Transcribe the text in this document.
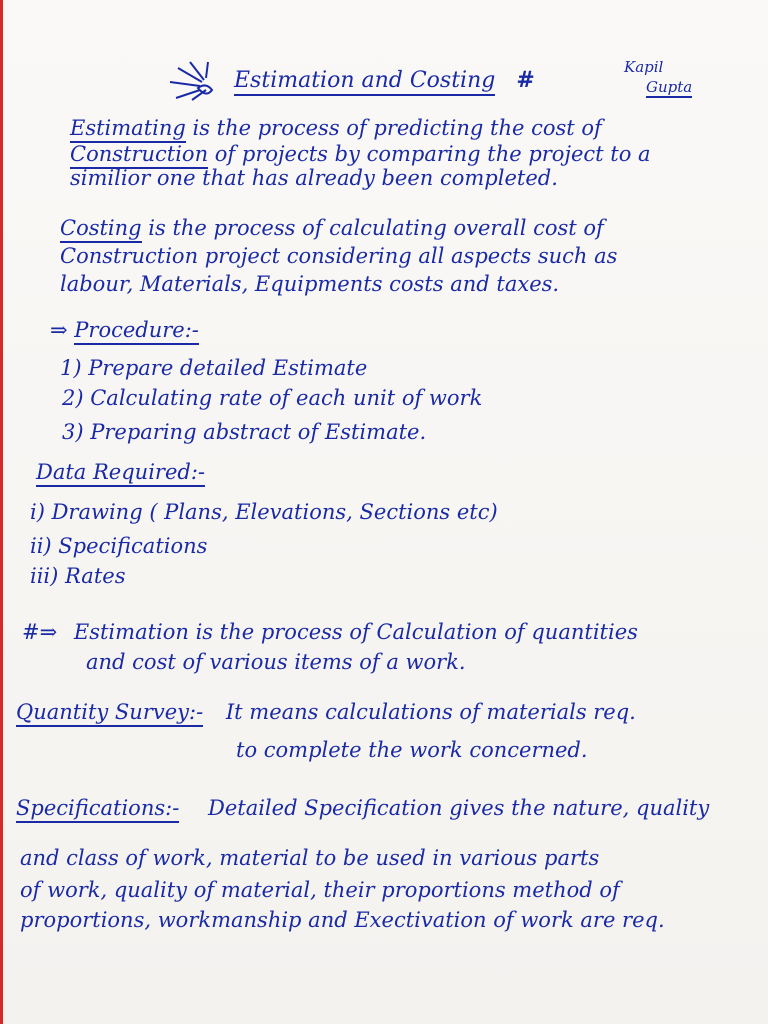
Estimation and Costing #	Kapil
Gupta
Estimating is the process of predicting the cost of
Construction of projects by comparing the project to a
similior one that has already been completed.
Costing is the process of calculating overall cost of
Construction project considering all aspects such as
labour, Materials, Equipments costs and taxes.
⇒ Procedure:-
1) Prepare detailed Estimate
2) Calculating rate of each unit of work
3) Preparing abstract of Estimate.
Data Required:-
i) Drawing ( Plans, Elevations, Sections etc)
ii) Specifications
iii) Rates
#⇒ Estimation is the process of Calculation of quantities
and cost of various items of a work.
Quantity Survey:- It means calculations of materials req.
to complete the work concerned.
Specifications:- Detailed Specification gives the nature, quality
and class of work, material to be used in various parts
of work, quality of material, their proportions method of
proportions, workmanship and Exectivation of work are req.
